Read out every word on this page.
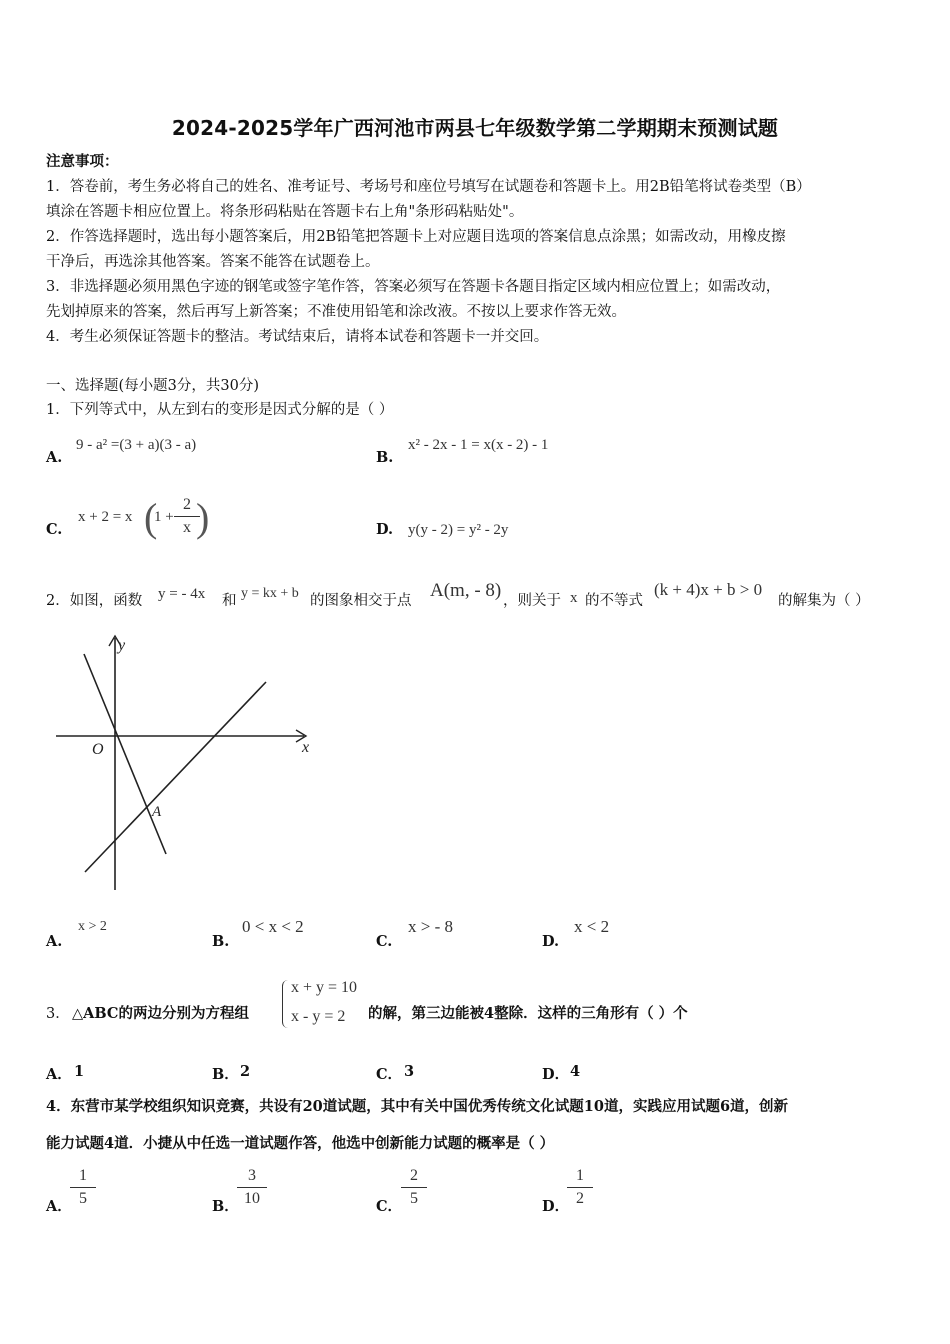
2024-2025学年广西河池市两县七年级数学第二学期期末预测试题
注意事项：
1．答卷前，考生务必将自己的姓名、准考证号、考场号和座位号填写在试题卷和答题卡上。用2B铅笔将试卷类型（B）
填涂在答题卡相应位置上。将条形码粘贴在答题卡右上角"条形码粘贴处"。
2．作答选择题时，选出每小题答案后，用2B铅笔把答题卡上对应题目选项的答案信息点涂黑；如需改动，用橡皮擦
干净后，再选涂其他答案。答案不能答在试题卷上。
3．非选择题必须用黑色字迹的钢笔或签字笔作答，答案必须写在答题卡各题目指定区域内相应位置上；如需改动，
先划掉原来的答案，然后再写上新答案；不准使用铅笔和涂改液。不按以上要求作答无效。
4．考生必须保证答题卡的整洁。考试结束后，请将本试卷和答题卡一并交回。
一、选择题(每小题3分，共30分)
1．下列等式中，从左到右的变形是因式分解的是（ ）
A.
9 - a² =(3 + a)(3 - a)
B.
x² - 2x - 1 = x(x - 2) - 1
C.
x + 2 = x (
1 +
2
x )	D. y(y - 2) = y² - 2y
2．如图，函数 y = - 4x 和 y = kx + b 的图象相交于点 A(m, - 8) ，则关于 x 的不等式
(k + 4)x + b > 0
的解集为（ ）
y
x
O
A
A.
x > 2
B.
0 < x < 2
C.
x > - 8
D.
x < 2
3． △ABC的两边分别为方程组
x + y = 10
x - y = 2 的解，第三边能被4整除．这样的三角形有（ ）个
A． 1	B． 2	C． 3	D． 4
4．东营市某学校组织知识竞赛，共设有20道试题，其中有关中国优秀传统文化试题10道，实践应用试题6道，创新
能力试题4道．小捷从中任选一道试题作答，他选中创新能力试题的概率是（ ）
A．
1
5	B．
3
10	C．
2
5	D．
1
2
